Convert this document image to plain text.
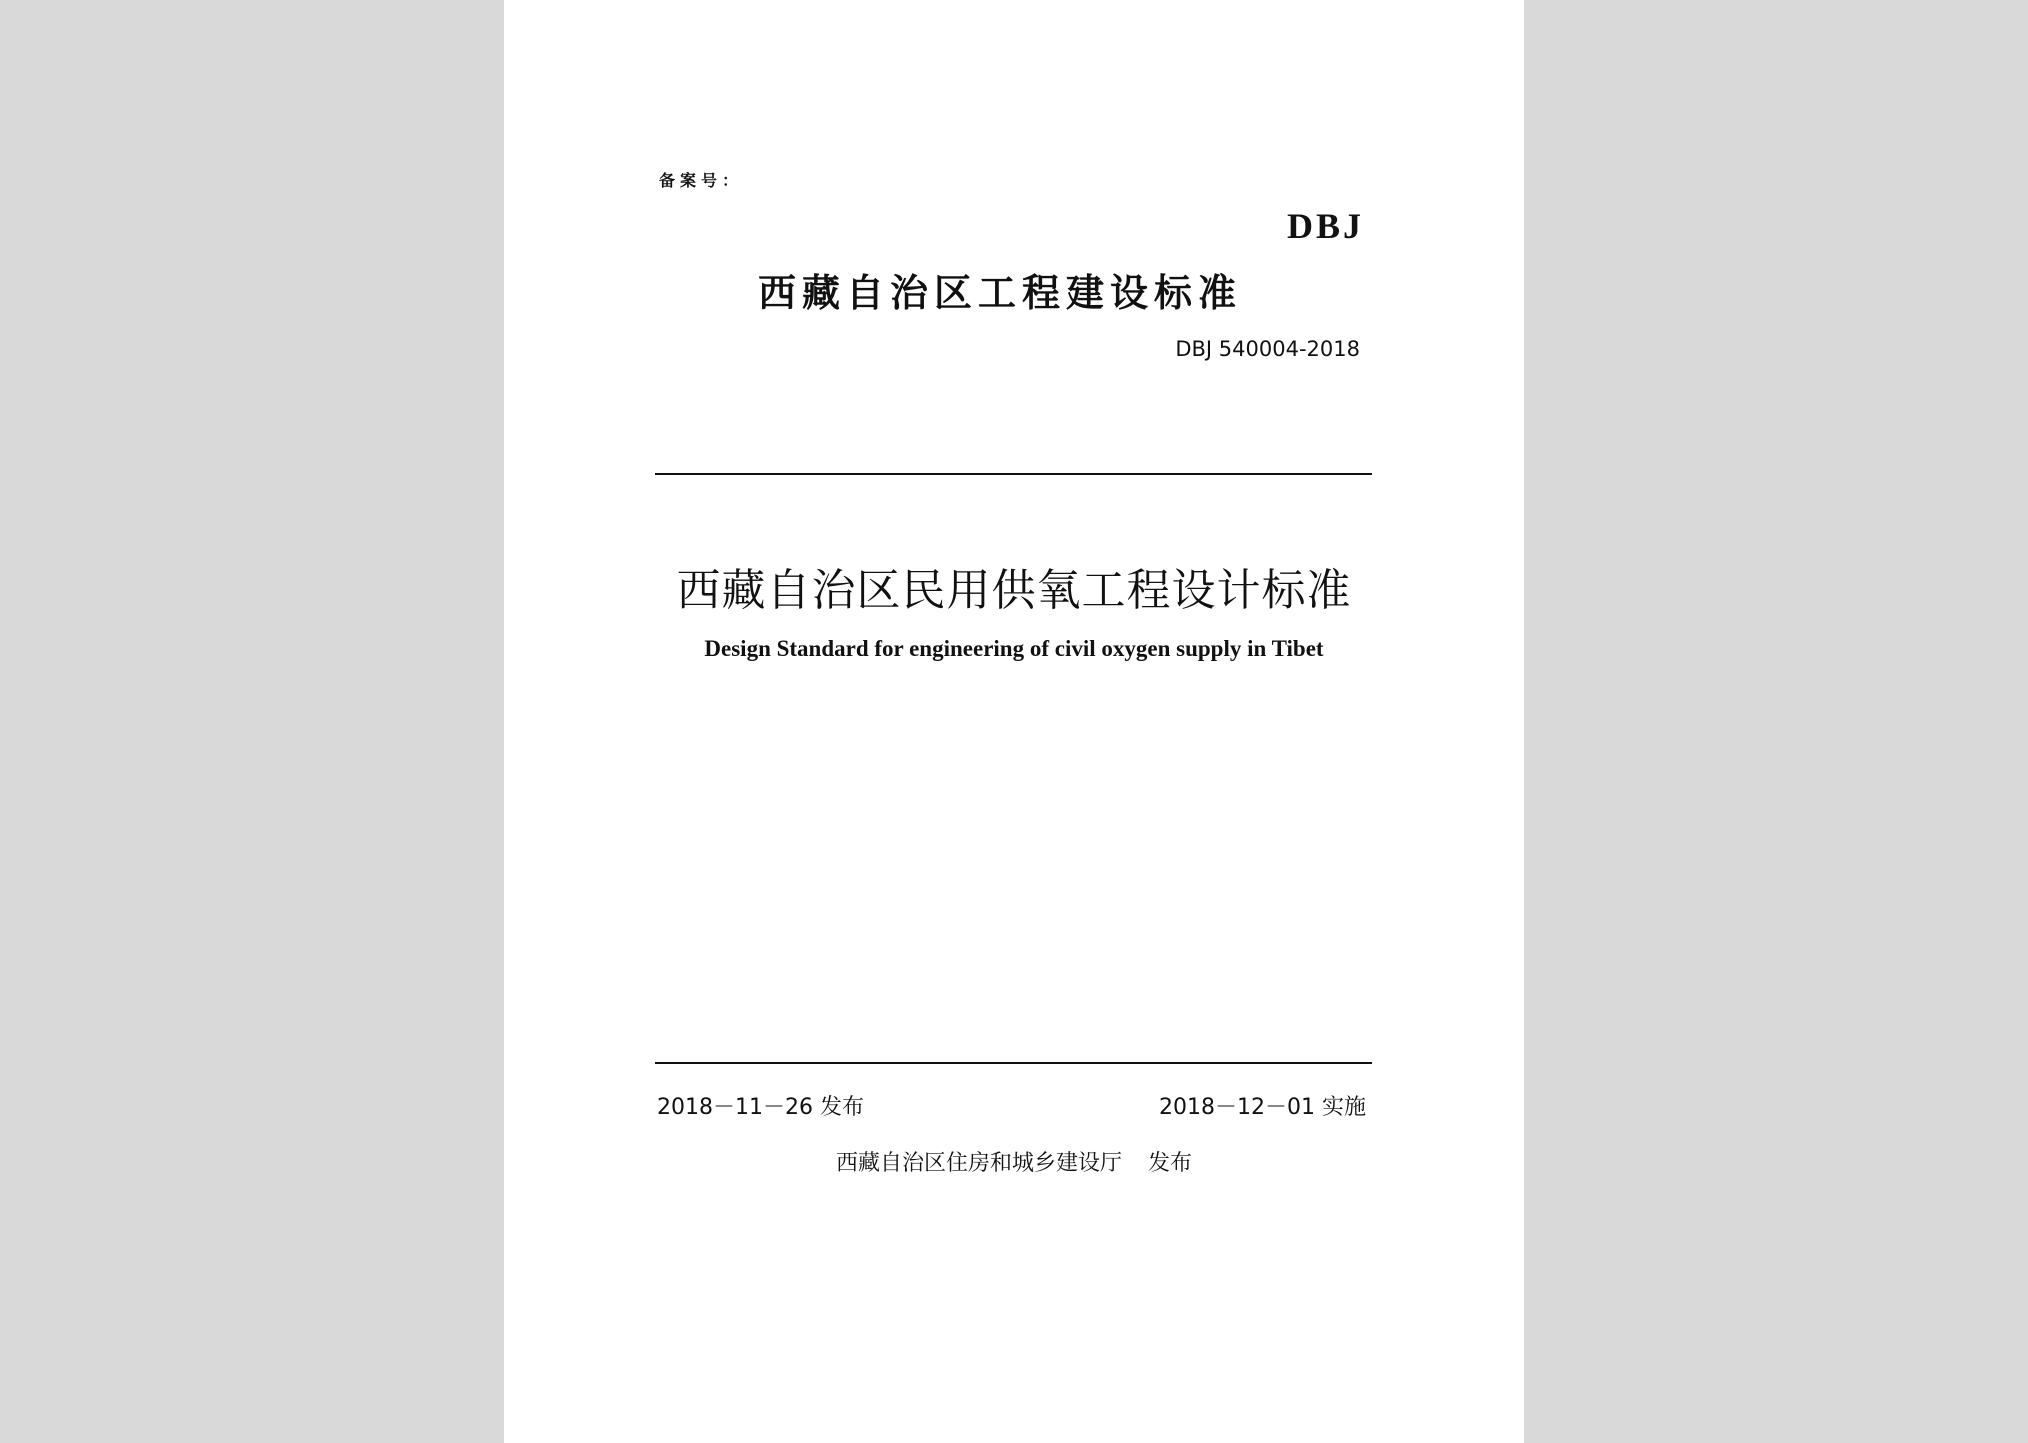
备案号：
DBJ
西藏自治区工程建设标准
DBJ 540004-2018
西藏自治区民用供氧工程设计标准
Design Standard for engineering of civil oxygen supply in Tibet
2018－11－26 发布	2018－12－01 实施
西藏自治区住房和城乡建设厅 发布
